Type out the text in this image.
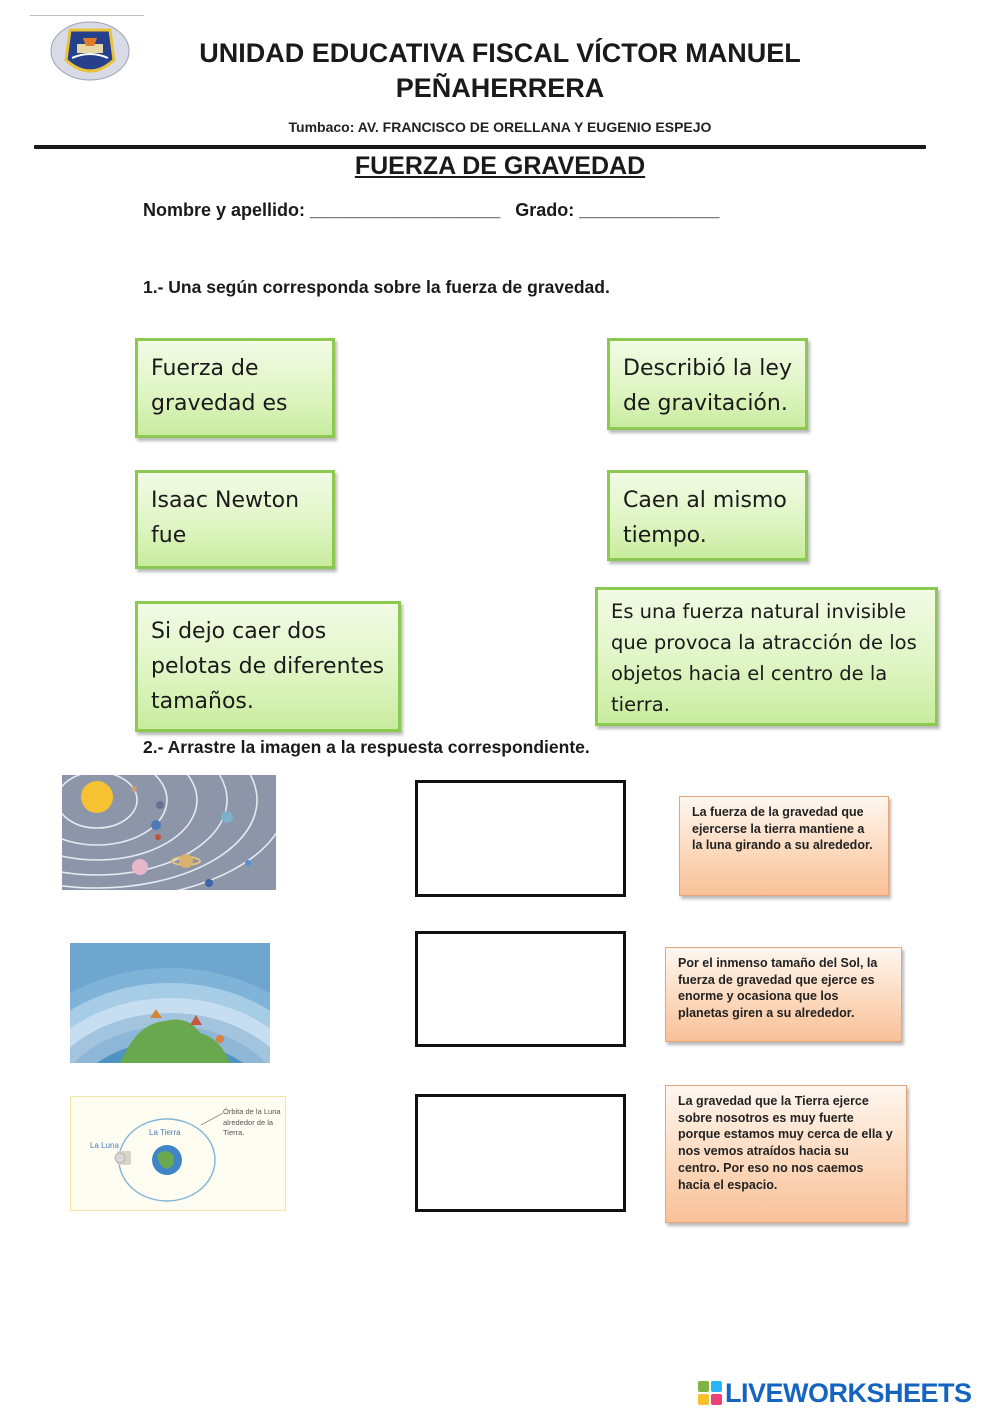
UNIDAD EDUCATIVA FISCAL VÍCTOR MANUEL PEÑAHERRERA
Tumbaco: AV. FRANCISCO DE ORELLANA Y EUGENIO ESPEJO
FUERZA DE GRAVEDAD
Nombre y apellido: ___________________   Grado: ______________
1.- Una según corresponda sobre la fuerza de gravedad.
Fuerza de gravedad es
Isaac Newton fue
Si dejo caer dos pelotas de diferentes tamaños.
Describió la ley de gravitación.
Caen al mismo tiempo.
Es una fuerza natural invisible que provoca la atracción de los objetos hacia el centro de la tierra.
2.- Arrastre la imagen a la respuesta correspondiente.
La Luna
La Tierra
Órbita de la Luna alrededor de la Tierra.
La fuerza de la gravedad que ejercerse la tierra mantiene a la luna girando a su alrededor.
Por el inmenso tamaño del Sol, la fuerza de gravedad que ejerce es enorme y ocasiona que los planetas giren a su alrededor.
La gravedad que la Tierra ejerce sobre nosotros es muy fuerte porque estamos muy cerca de ella y nos vemos atraídos hacia su centro. Por eso no nos caemos hacia el espacio.
LIVEWORKSHEETS
